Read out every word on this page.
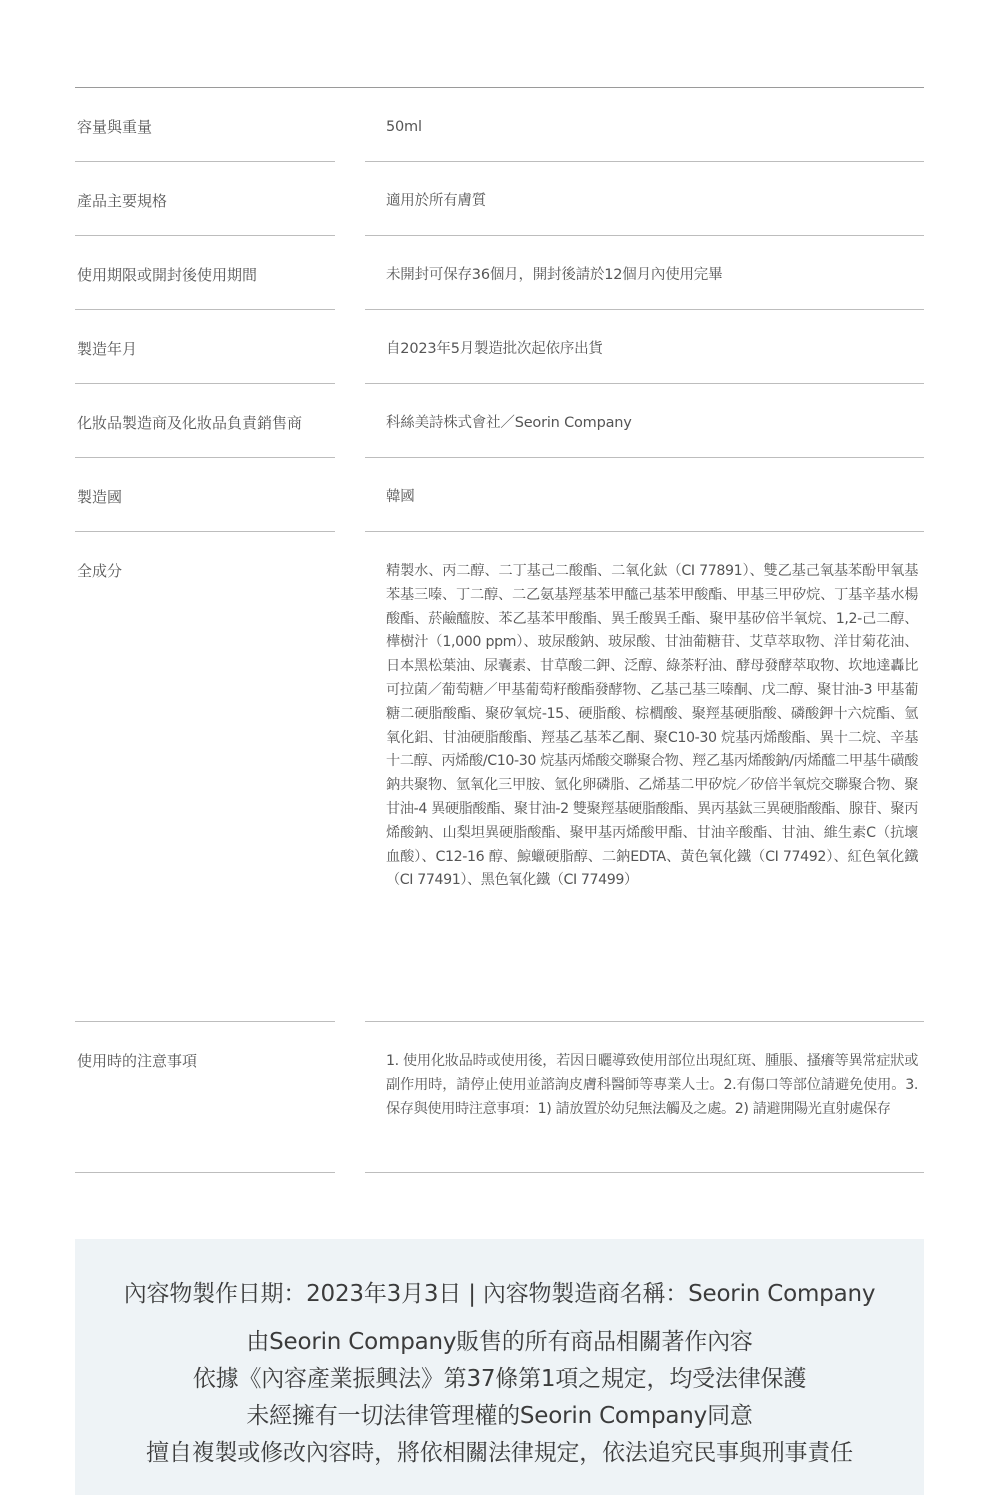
容量與重量	50ml
產品主要規格	適用於所有膚質
使用期限或開封後使用期間	未開封可保存36個月，開封後請於12個月內使用完畢
製造年月	自2023年5月製造批次起依序出貨
化妝品製造商及化妝品負責銷售商	科絲美詩株式會社／Seorin Company
製造國	韓國
全成分	精製水、丙二醇、二丁基己二酸酯、二氧化鈦（CI 77891）、雙乙基己氧基苯酚甲氧基苯基三嗪、丁二醇、二乙氨基羥基苯甲醯己基苯甲酸酯、甲基三甲矽烷、丁基辛基水楊酸酯、菸鹼醯胺、苯乙基苯甲酸酯、異壬酸異壬酯、聚甲基矽倍半氧烷、1,2-己二醇、樺樹汁（1,000 ppm）、玻尿酸鈉、玻尿酸、甘油葡糖苷、艾草萃取物、洋甘菊花油、日本黑松葉油、尿囊素、甘草酸二鉀、泛醇、綠茶籽油、酵母發酵萃取物、坎地達轟比可拉菌／葡萄糖／甲基葡萄籽酸酯發酵物、乙基己基三嗪酮、戊二醇、聚甘油-3 甲基葡糖二硬脂酸酯、聚矽氧烷-15、硬脂酸、棕櫚酸、聚羥基硬脂酸、磷酸鉀十六烷酯、氫氧化鋁、甘油硬脂酸酯、羥基乙基苯乙酮、聚C10-30 烷基丙烯酸酯、異十二烷、辛基十二醇、丙烯酸/C10-30 烷基丙烯酸交聯聚合物、羥乙基丙烯酸鈉/丙烯醯二甲基牛磺酸鈉共聚物、氫氧化三甲胺、氫化卵磷脂、乙烯基二甲矽烷／矽倍半氧烷交聯聚合物、聚甘油-4 異硬脂酸酯、聚甘油-2 雙聚羥基硬脂酸酯、異丙基鈦三異硬脂酸酯、腺苷、聚丙烯酸鈉、山梨坦異硬脂酸酯、聚甲基丙烯酸甲酯、甘油辛酸酯、甘油、維生素C（抗壞血酸）、C12-16 醇、鯨蠟硬脂醇、二鈉EDTA、黃色氧化鐵（CI 77492）、紅色氧化鐵（CI 77491）、黑色氧化鐵（CI 77499）
使用時的注意事項	1. 使用化妝品時或使用後，若因日曬導致使用部位出現紅斑、腫脹、搔癢等異常症狀或副作用時，請停止使用並諮詢皮膚科醫師等專業人士。2.有傷口等部位請避免使用。3.保存與使用時注意事項：1) 請放置於幼兒無法觸及之處。2) 請避開陽光直射處保存
內容物製作日期：2023年3月3日 | 內容物製造商名稱：Seorin Company
由Seorin Company販售的所有商品相關著作內容
依據《內容產業振興法》第37條第1項之規定，均受法律保護
未經擁有一切法律管理權的Seorin Company同意
擅自複製或修改內容時，將依相關法律規定，依法追究民事與刑事責任
